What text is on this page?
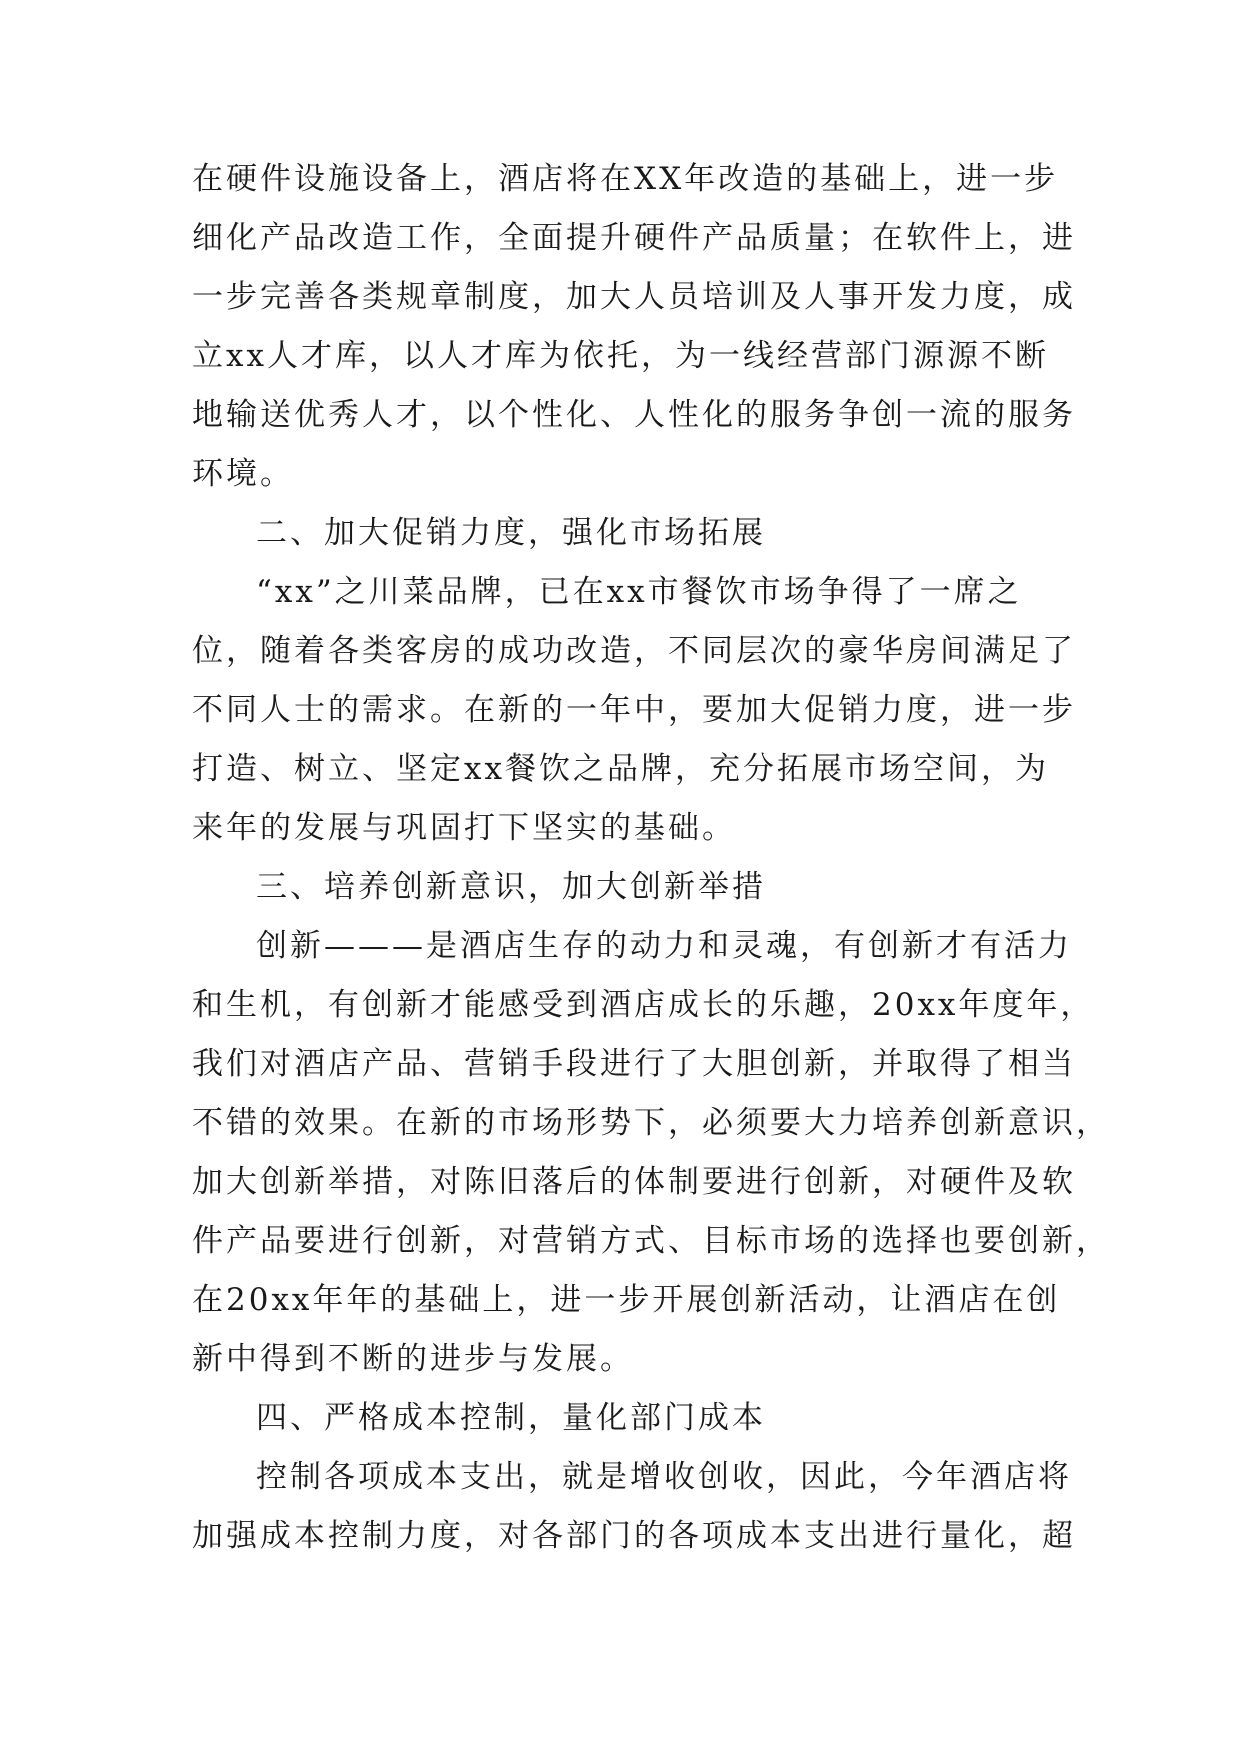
在硬件设施设备上，酒店将在XX年改造的基础上，进一步
细化产品改造工作，全面提升硬件产品质量；在软件上，进
一步完善各类规章制度，加大人员培训及人事开发力度，成
立xx人才库，以人才库为依托，为一线经营部门源源不断
地输送优秀人才，以个性化、人性化的服务争创一流的服务
环境。

二、加大促销力度，强化市场拓展

“xx”之川菜品牌，已在xx市餐饮市场争得了一席之
位，随着各类客房的成功改造，不同层次的豪华房间满足了
不同人士的需求。在新的一年中，要加大促销力度，进一步
打造、树立、坚定xx餐饮之品牌，充分拓展市场空间，为
来年的发展与巩固打下坚实的基础。

三、培养创新意识，加大创新举措

创新———是酒店生存的动力和灵魂，有创新才有活力
和生机，有创新才能感受到酒店成长的乐趣，20xx年度年，
我们对酒店产品、营销手段进行了大胆创新，并取得了相当
不错的效果。在新的市场形势下，必须要大力培养创新意识，
加大创新举措，对陈旧落后的体制要进行创新，对硬件及软
件产品要进行创新，对营销方式、目标市场的选择也要创新，
在20xx年年的基础上，进一步开展创新活动，让酒店在创
新中得到不断的进步与发展。

四、严格成本控制，量化部门成本

控制各项成本支出，就是增收创收，因此，今年酒店将
加强成本控制力度，对各部门的各项成本支出进行量化，超
